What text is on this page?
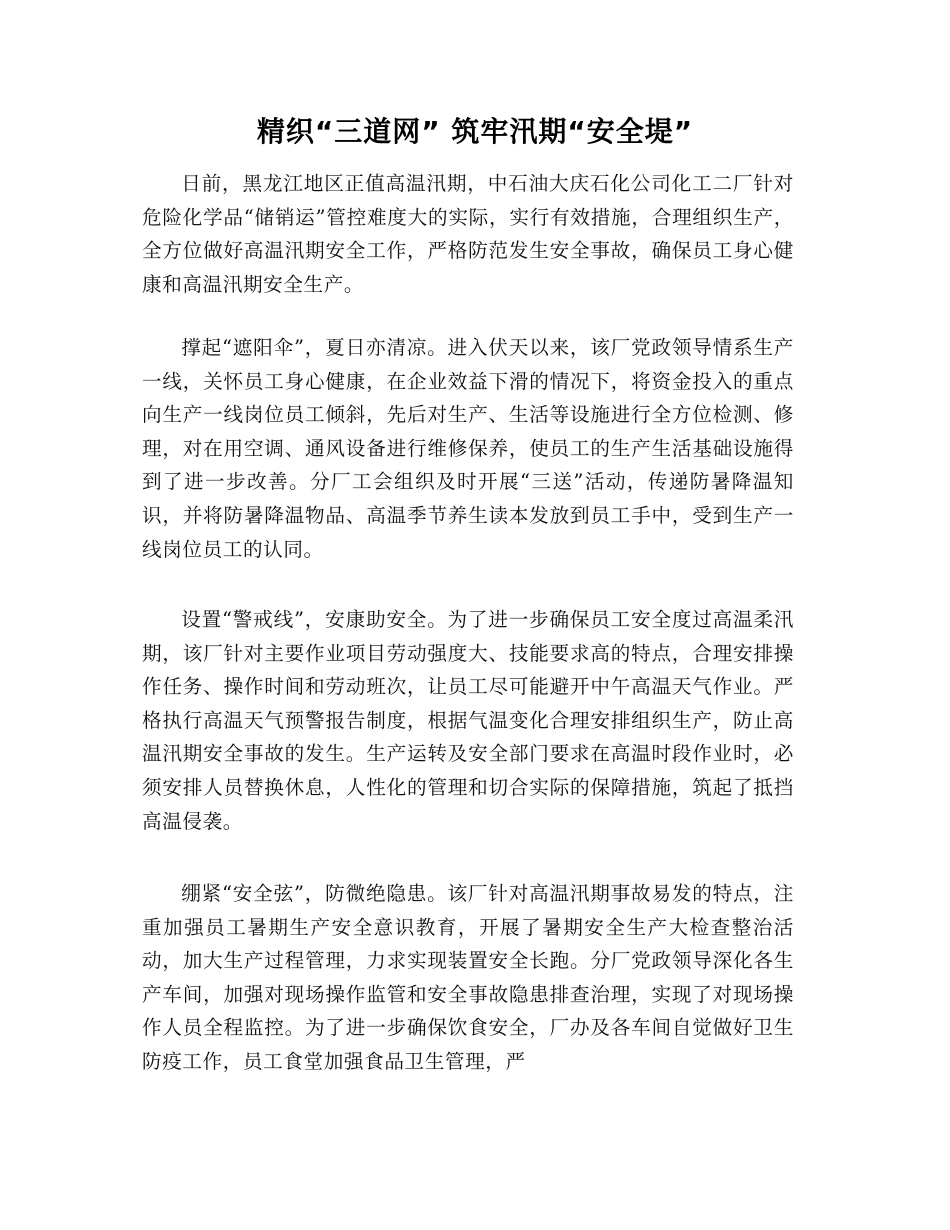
精织“三道网” 筑牢汛期“安全堤”

日前，黑龙江地区正值高温汛期，中石油大庆石化公司化工二厂针对危险化学品“储销运”管控难度大的实际，实行有效措施，合理组织生产，全方位做好高温汛期安全工作，严格防范发生安全事故，确保员工身心健康和高温汛期安全生产。

撑起“遮阳伞”，夏日亦清凉。进入伏天以来，该厂党政领导情系生产一线，关怀员工身心健康，在企业效益下滑的情况下，将资金投入的重点向生产一线岗位员工倾斜，先后对生产、生活等设施进行全方位检测、修理，对在用空调、通风设备进行维修保养，使员工的生产生活基础设施得到了进一步改善。分厂工会组织及时开展“三送”活动，传递防暑降温知识，并将防暑降温物品、高温季节养生读本发放到员工手中，受到生产一线岗位员工的认同。

设置“警戒线”，安康助安全。为了进一步确保员工安全度过高温柔汛期，该厂针对主要作业项目劳动强度大、技能要求高的特点，合理安排操作任务、操作时间和劳动班次，让员工尽可能避开中午高温天气作业。严格执行高温天气预警报告制度，根据气温变化合理安排组织生产，防止高温汛期安全事故的发生。生产运转及安全部门要求在高温时段作业时，必须安排人员替换休息，人性化的管理和切合实际的保障措施，筑起了抵挡高温侵袭。

绷紧“安全弦”，防微绝隐患。该厂针对高温汛期事故易发的特点，注重加强员工暑期生产安全意识教育，开展了暑期安全生产大检查整治活动，加大生产过程管理，力求实现装置安全长跑。分厂党政领导深化各生产车间，加强对现场操作监管和安全事故隐患排查治理，实现了对现场操作人员全程监控。为了进一步确保饮食安全，厂办及各车间自觉做好卫生防疫工作，员工食堂加强食品卫生管理，严
